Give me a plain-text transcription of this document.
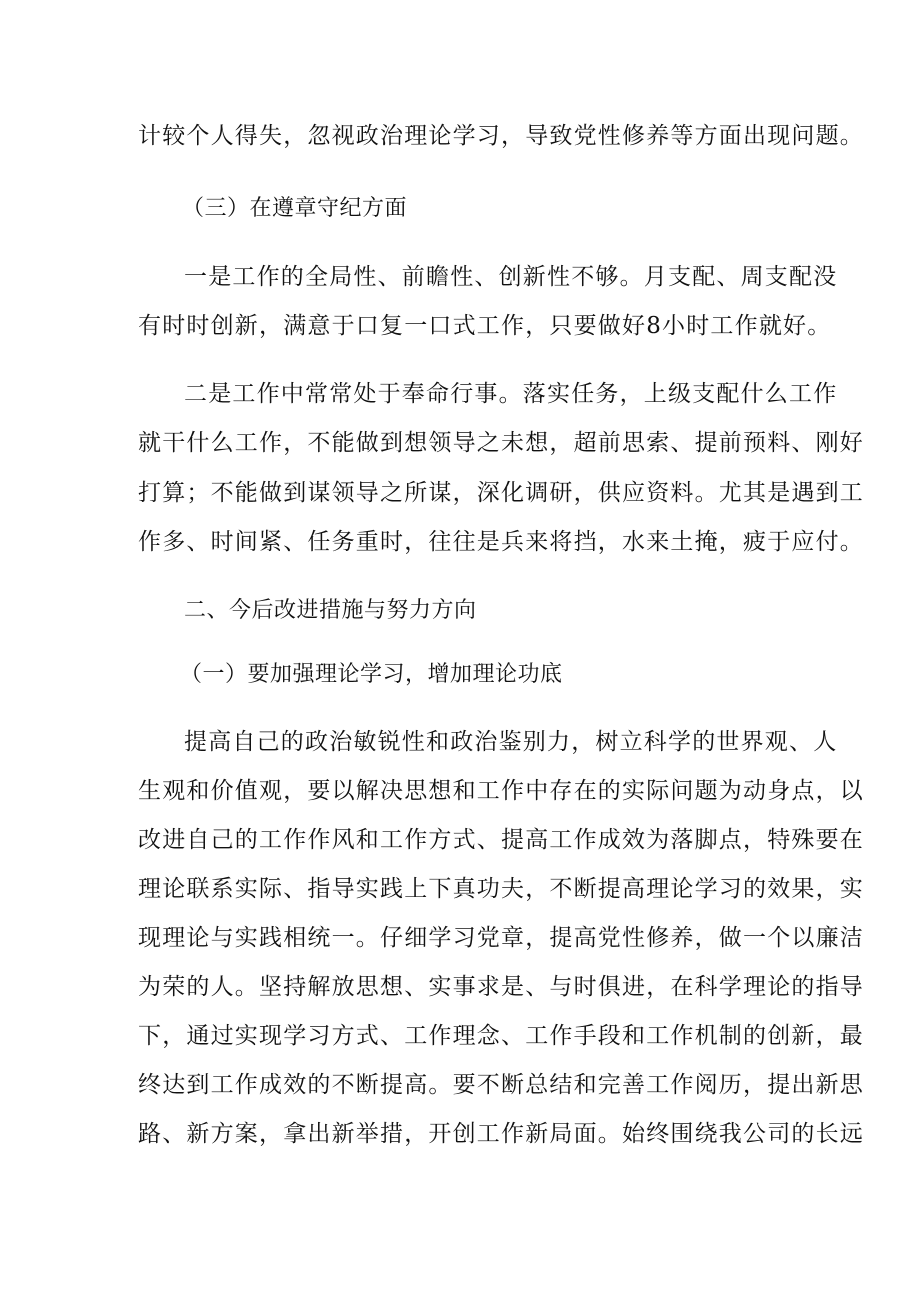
计较个人得失，忽视政治理论学习，导致党性修养等方面出现问题。
（三）在遵章守纪方面
一是工作的全局性、前瞻性、创新性不够。月支配、周支配没
有时时创新，满意于口复一口式工作，只要做好8小时工作就好。
二是工作中常常处于奉命行事。落实任务，上级支配什么工作
就干什么工作，不能做到想领导之未想，超前思索、提前预料、刚好
打算；不能做到谋领导之所谋，深化调研，供应资料。尤其是遇到工
作多、时间紧、任务重时，往往是兵来将挡，水来土掩，疲于应付。
二、今后改进措施与努力方向
（一）要加强理论学习，增加理论功底
提高自己的政治敏锐性和政治鉴别力，树立科学的世界观、人
生观和价值观，要以解决思想和工作中存在的实际问题为动身点，以
改进自己的工作作风和工作方式、提高工作成效为落脚点，特殊要在
理论联系实际、指导实践上下真功夫，不断提高理论学习的效果，实
现理论与实践相统一。仔细学习党章，提高党性修养，做一个以廉洁
为荣的人。坚持解放思想、实事求是、与时俱进，在科学理论的指导
下，通过实现学习方式、工作理念、工作手段和工作机制的创新，最
终达到工作成效的不断提高。要不断总结和完善工作阅历，提出新思
路、新方案，拿出新举措，开创工作新局面。始终围绕我公司的长远
